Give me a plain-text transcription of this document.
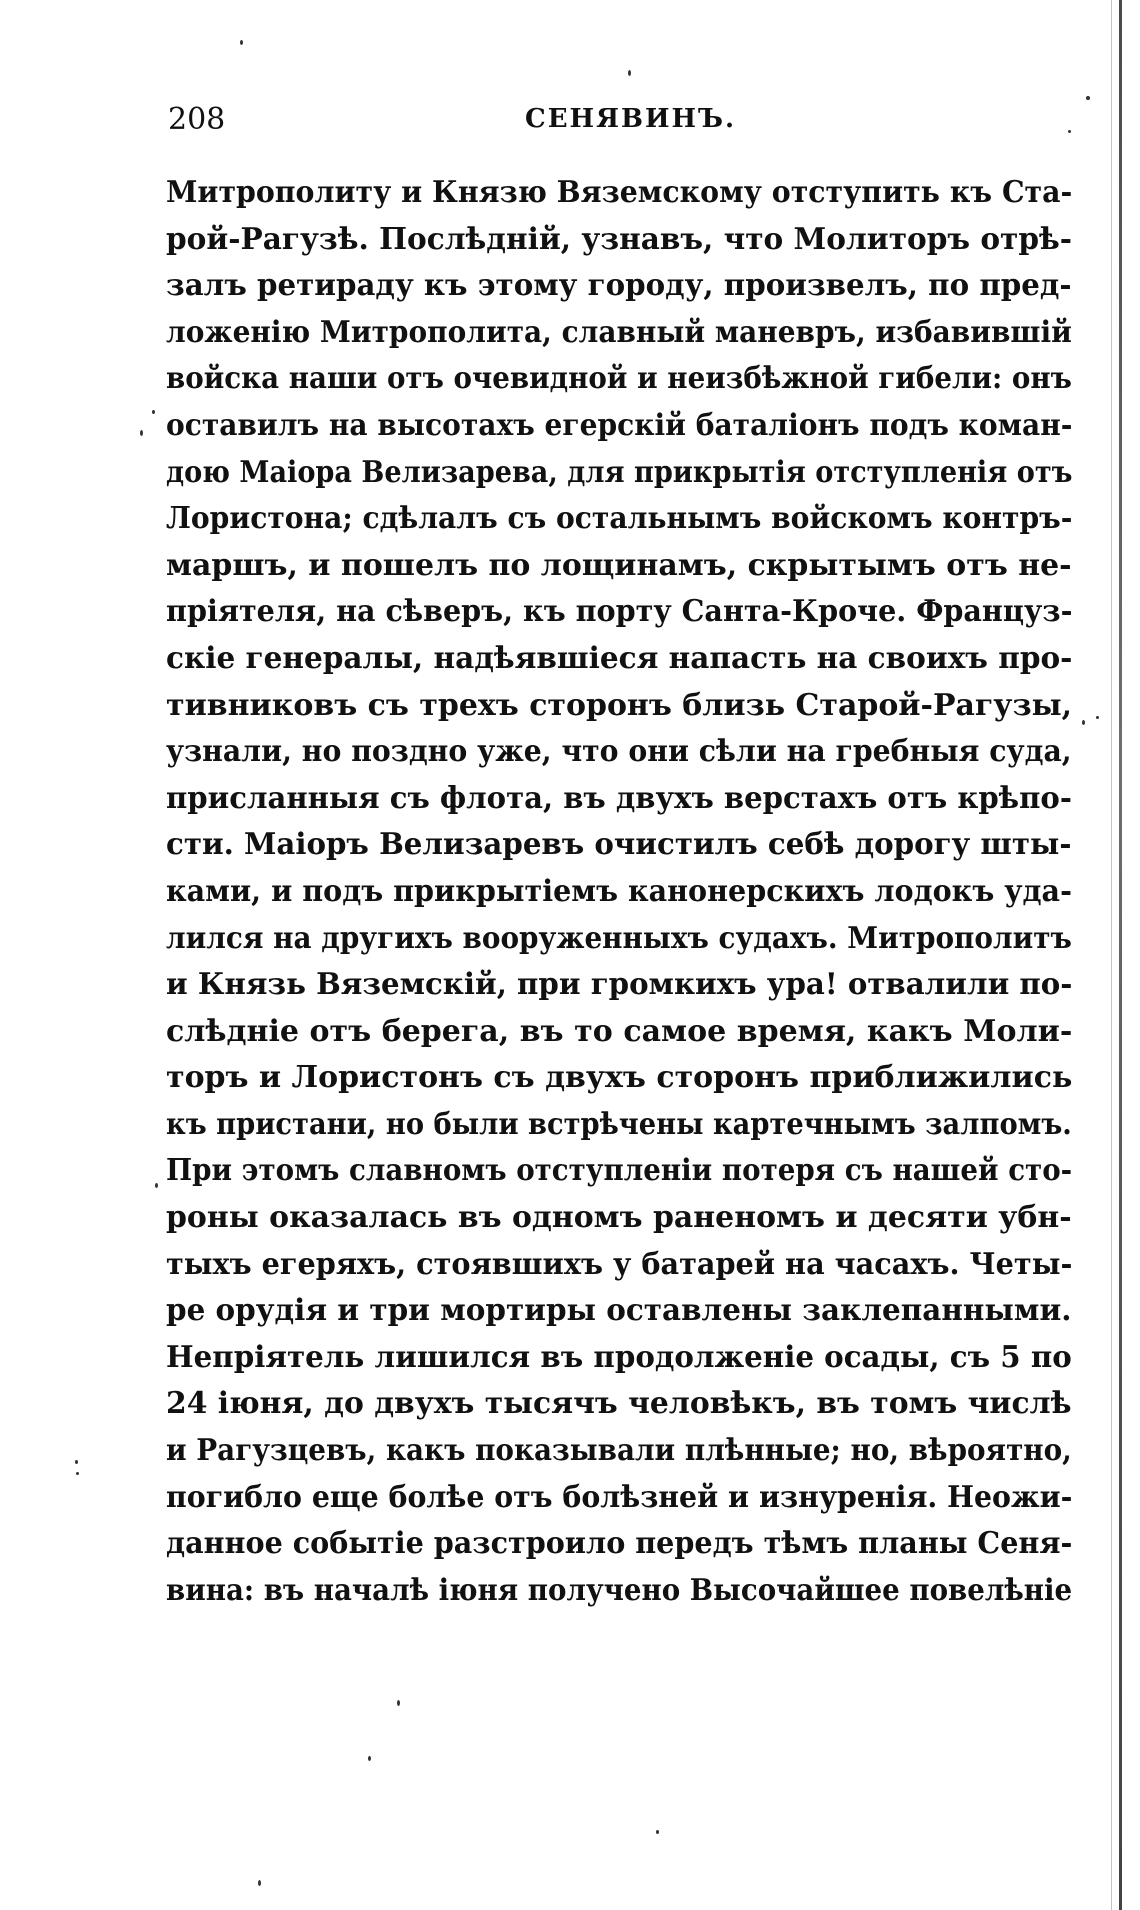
208	СЕНЯВИНЪ.
Митрополиту и Князю Вяземскому отступить къ Ста-
рой-Рагузѣ. Послѣдній, узнавъ, что Молиторъ отрѣ-
залъ ретираду къ этому городу, произвелъ, по пред-
ложенію Митрополита, славный маневръ, избавившій
войска наши отъ очевидной и неизбѣжной гибели: онъ
оставилъ на высотахъ егерскій баталіонъ подъ коман-
дою Маіора Велизарева, для прикрытія отступленія отъ
Лористона; сдѣлалъ съ остальнымъ войскомъ контръ-
маршъ, и пошелъ по лощинамъ, скрытымъ отъ не-
пріятеля, на сѣверъ, къ порту Санта-Кроче. Француз-
скіе генералы, надѣявшіеся напасть на своихъ про-
тивниковъ съ трехъ сторонъ близь Старой-Рагузы,
узнали, но поздно уже, что они сѣли на гребныя суда,
присланныя съ флота, въ двухъ верстахъ отъ крѣпо-
сти. Маіоръ Велизаревъ очистилъ себѣ дорогу шты-
ками, и подъ прикрытіемъ канонерскихъ лодокъ уда-
лился на другихъ вооруженныхъ судахъ. Митрополитъ
и Князь Вяземскій, при громкихъ ура! отвалили по-
слѣдніе отъ берега, въ то самое время, какъ Моли-
торъ и Лористонъ съ двухъ сторонъ приближились
къ пристани, но были встрѣчены картечнымъ залпомъ.
При этомъ славномъ отступленіи потеря съ нашей сто-
роны оказалась въ одномъ раненомъ и десяти убн-
тыхъ егеряхъ, стоявшихъ у батарей на часахъ. Четы-
ре орудія и три мортиры оставлены заклепанными.
Непріятель лишился въ продолженіе осады, съ 5 по
24 іюня, до двухъ тысячъ человѣкъ, въ томъ числѣ
и Рагузцевъ, какъ показывали плѣнные; но, вѣроятно,
погибло еще болѣе отъ болѣзней и изнуренія. Неожи-
данное событіе разстроило передъ тѣмъ планы Сеня-
вина: въ началѣ іюня получено Высочайшее повелѣніе
